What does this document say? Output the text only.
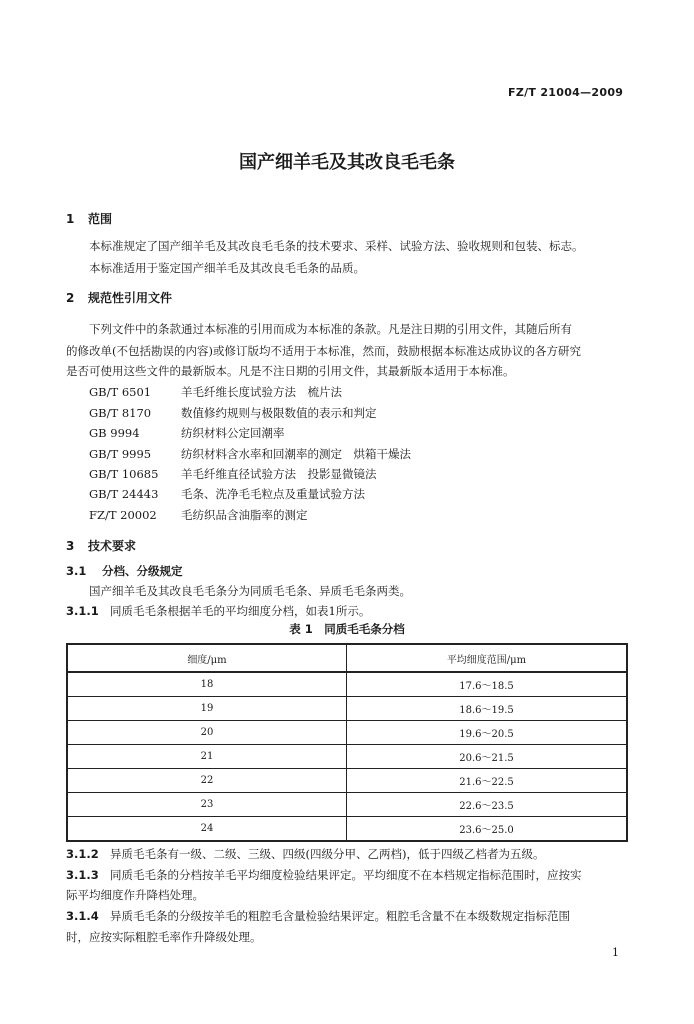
FZ/T 21004—2009
国产细羊毛及其改良毛毛条
1 范围
本标准规定了国产细羊毛及其改良毛毛条的技术要求、采样、试验方法、验收规则和包装、标志。
本标准适用于鉴定国产细羊毛及其改良毛毛条的品质。
2 规范性引用文件
下列文件中的条款通过本标准的引用而成为本标准的条款。凡是注日期的引用文件，其随后所有
的修改单(不包括勘误的内容)或修订版均不适用于本标准，然而，鼓励根据本标准达成协议的各方研究
是否可使用这些文件的最新版本。凡是不注日期的引用文件，其最新版本适用于本标准。
GB/T 6501	羊毛纤维长度试验方法　梳片法
GB/T 8170	数值修约规则与极限数值的表示和判定
GB 9994	纺织材料公定回潮率
GB/T 9995	纺织材料含水率和回潮率的测定　烘箱干燥法
GB/T 10685 羊毛纤维直径试验方法　投影显微镜法
GB/T 24443 毛条、洗净毛毛粒点及重量试验方法
FZ/T 20002 毛纺织品含油脂率的测定
3 技术要求
3.1 分档、分级规定
国产细羊毛及其改良毛毛条分为同质毛毛条、异质毛毛条两类。
3.1.1 同质毛毛条根据羊毛的平均细度分档，如表1所示。
表 1　同质毛毛条分档
细度/μm	平均细度范围/μm
18	17.6～18.5
19	18.6～19.5
20	19.6～20.5
21	20.6～21.5
22	21.6～22.5
23	22.6～23.5
24	23.6～25.0
3.1.2 异质毛毛条有一级、二级、三级、四级(四级分甲、乙两档)，低于四级乙档者为五级。
3.1.3 同质毛毛条的分档按羊毛平均细度检验结果评定。平均细度不在本档规定指标范围时，应按实
际平均细度作升降档处理。
3.1.4 异质毛毛条的分级按羊毛的粗腔毛含量检验结果评定。粗腔毛含量不在本级数规定指标范围
时，应按实际粗腔毛率作升降级处理。
1
